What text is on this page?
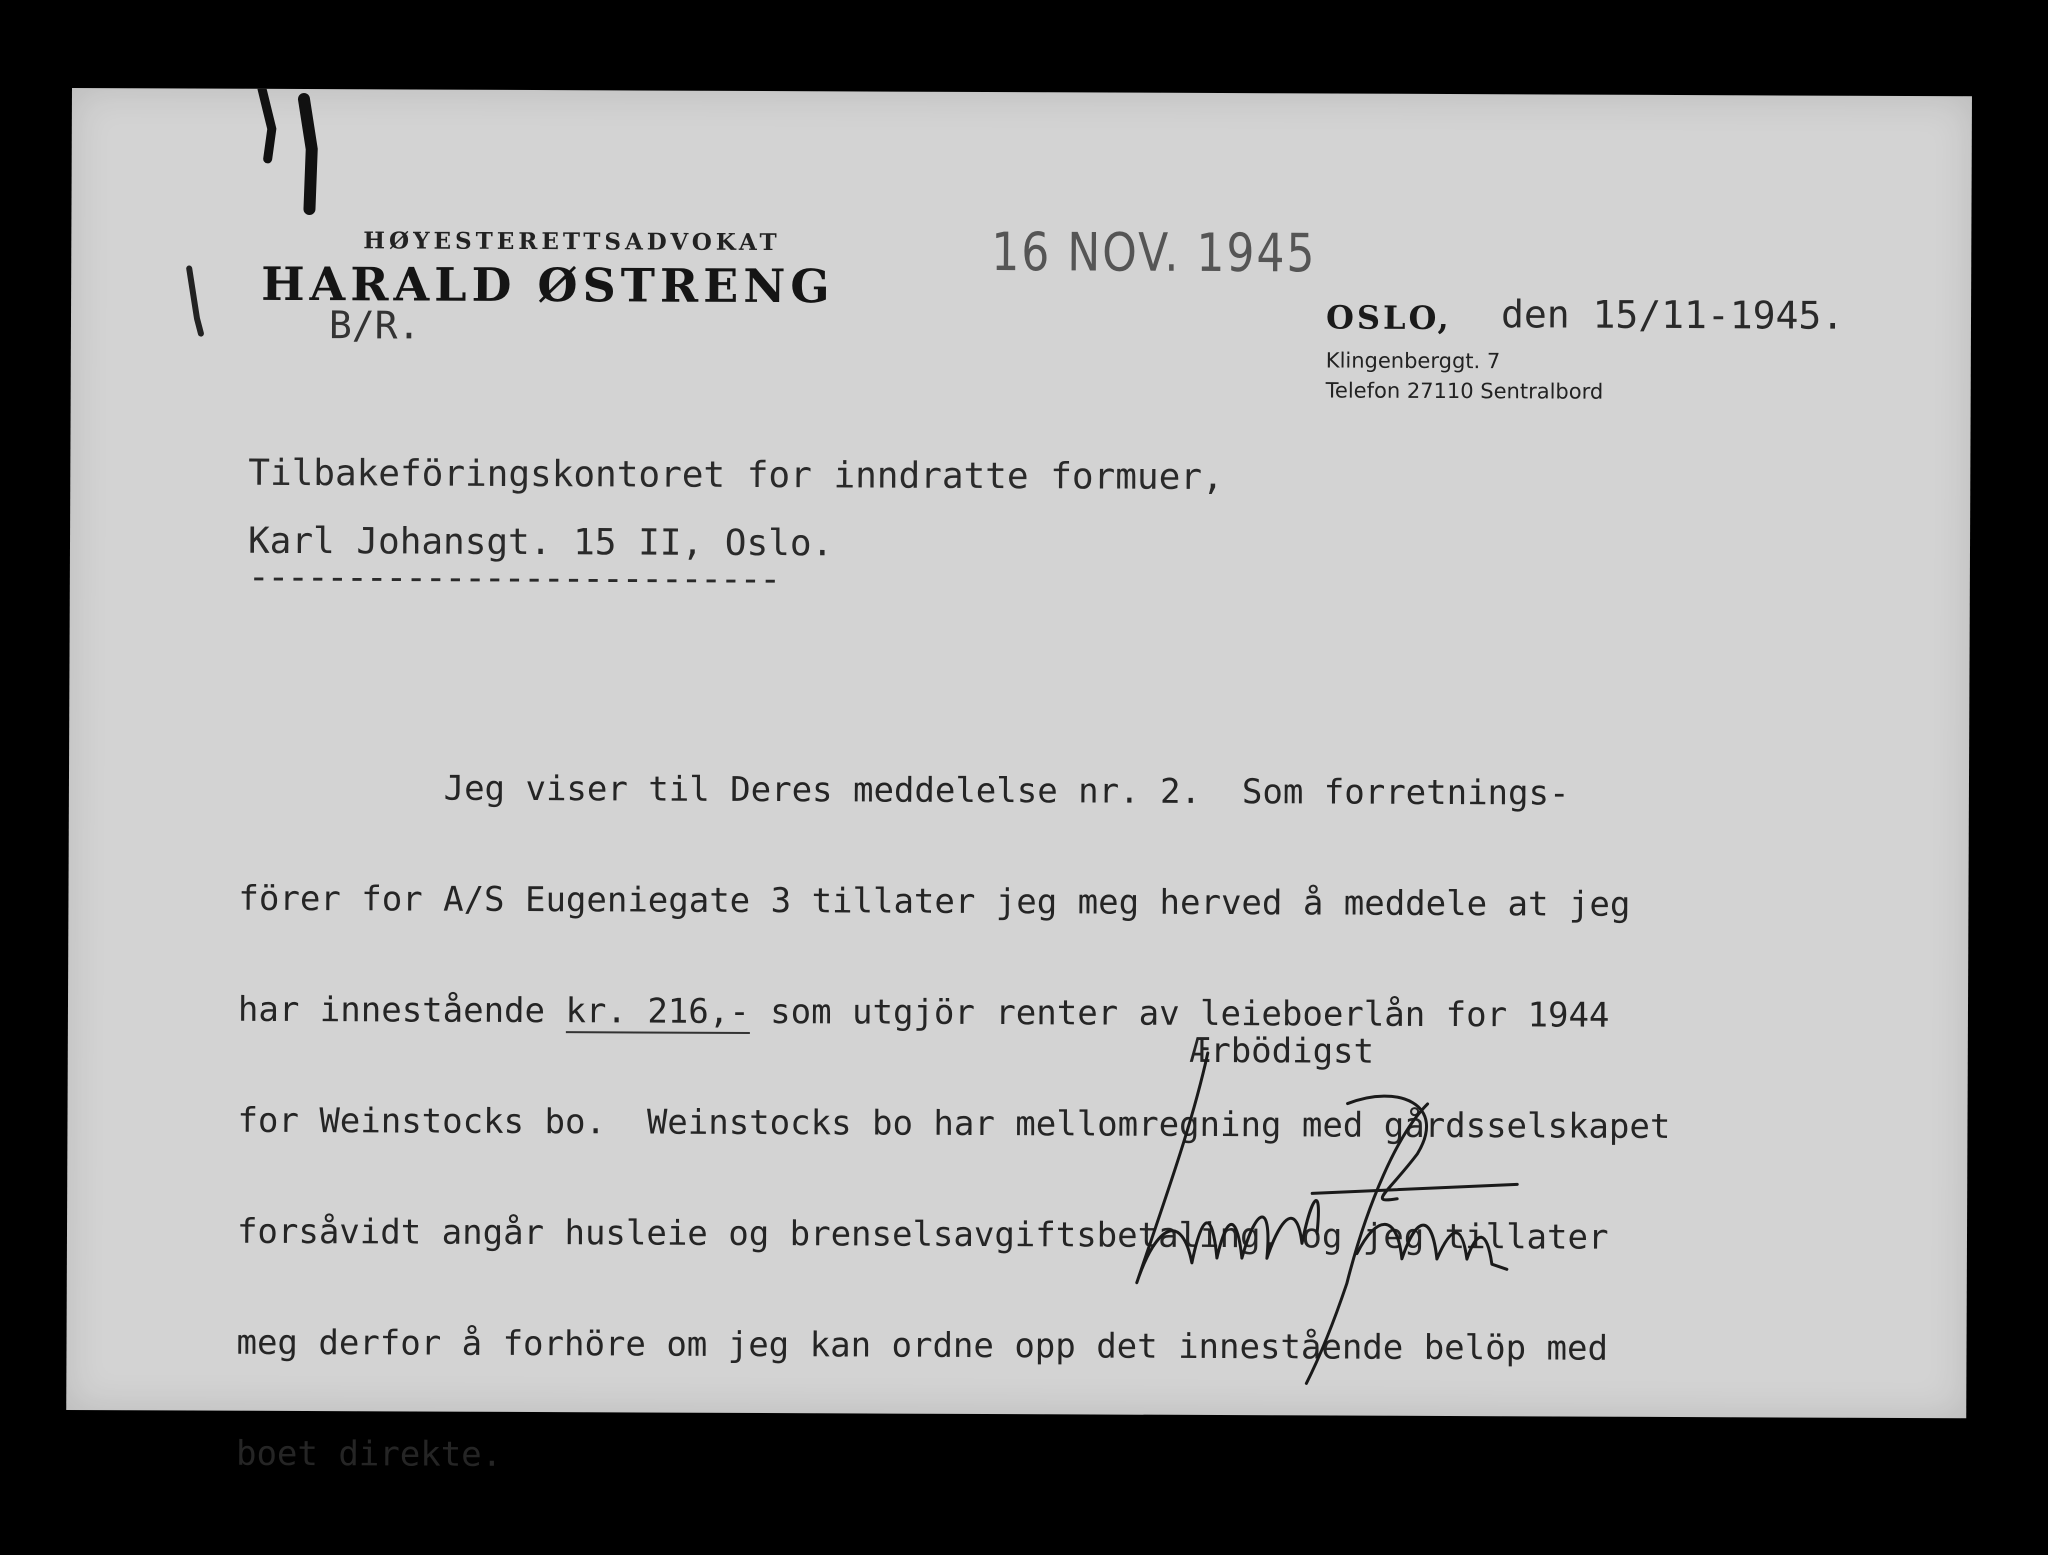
HØYESTERETTSADVOKAT
HARALD ØSTRENG
B/R.
16 NOV. 1945
OSLO, den 15/11-1945.
Klingenberggt. 7
Telefon 27110 Sentralbord
Tilbakeföringskontoret for inndratte formuer,
Karl Johansgt. 15 II, Oslo.
---------------------------

Jeg viser til Deres meddelelse nr. 2.  Som forretnings-

förer for A/S Eugeniegate 3 tillater jeg meg herved å meddele at jeg

har innestående kr. 216,- som utgjör renter av leieboerlån for 1944

for Weinstocks bo.  Weinstocks bo har mellomregning med gårdsselskapet

forsåvidt angår husleie og brenselsavgiftsbetaling, og jeg tillater

meg derfor å forhöre om jeg kan ordne opp det innestående belöp med

boet direkte.

Ærbödigst
